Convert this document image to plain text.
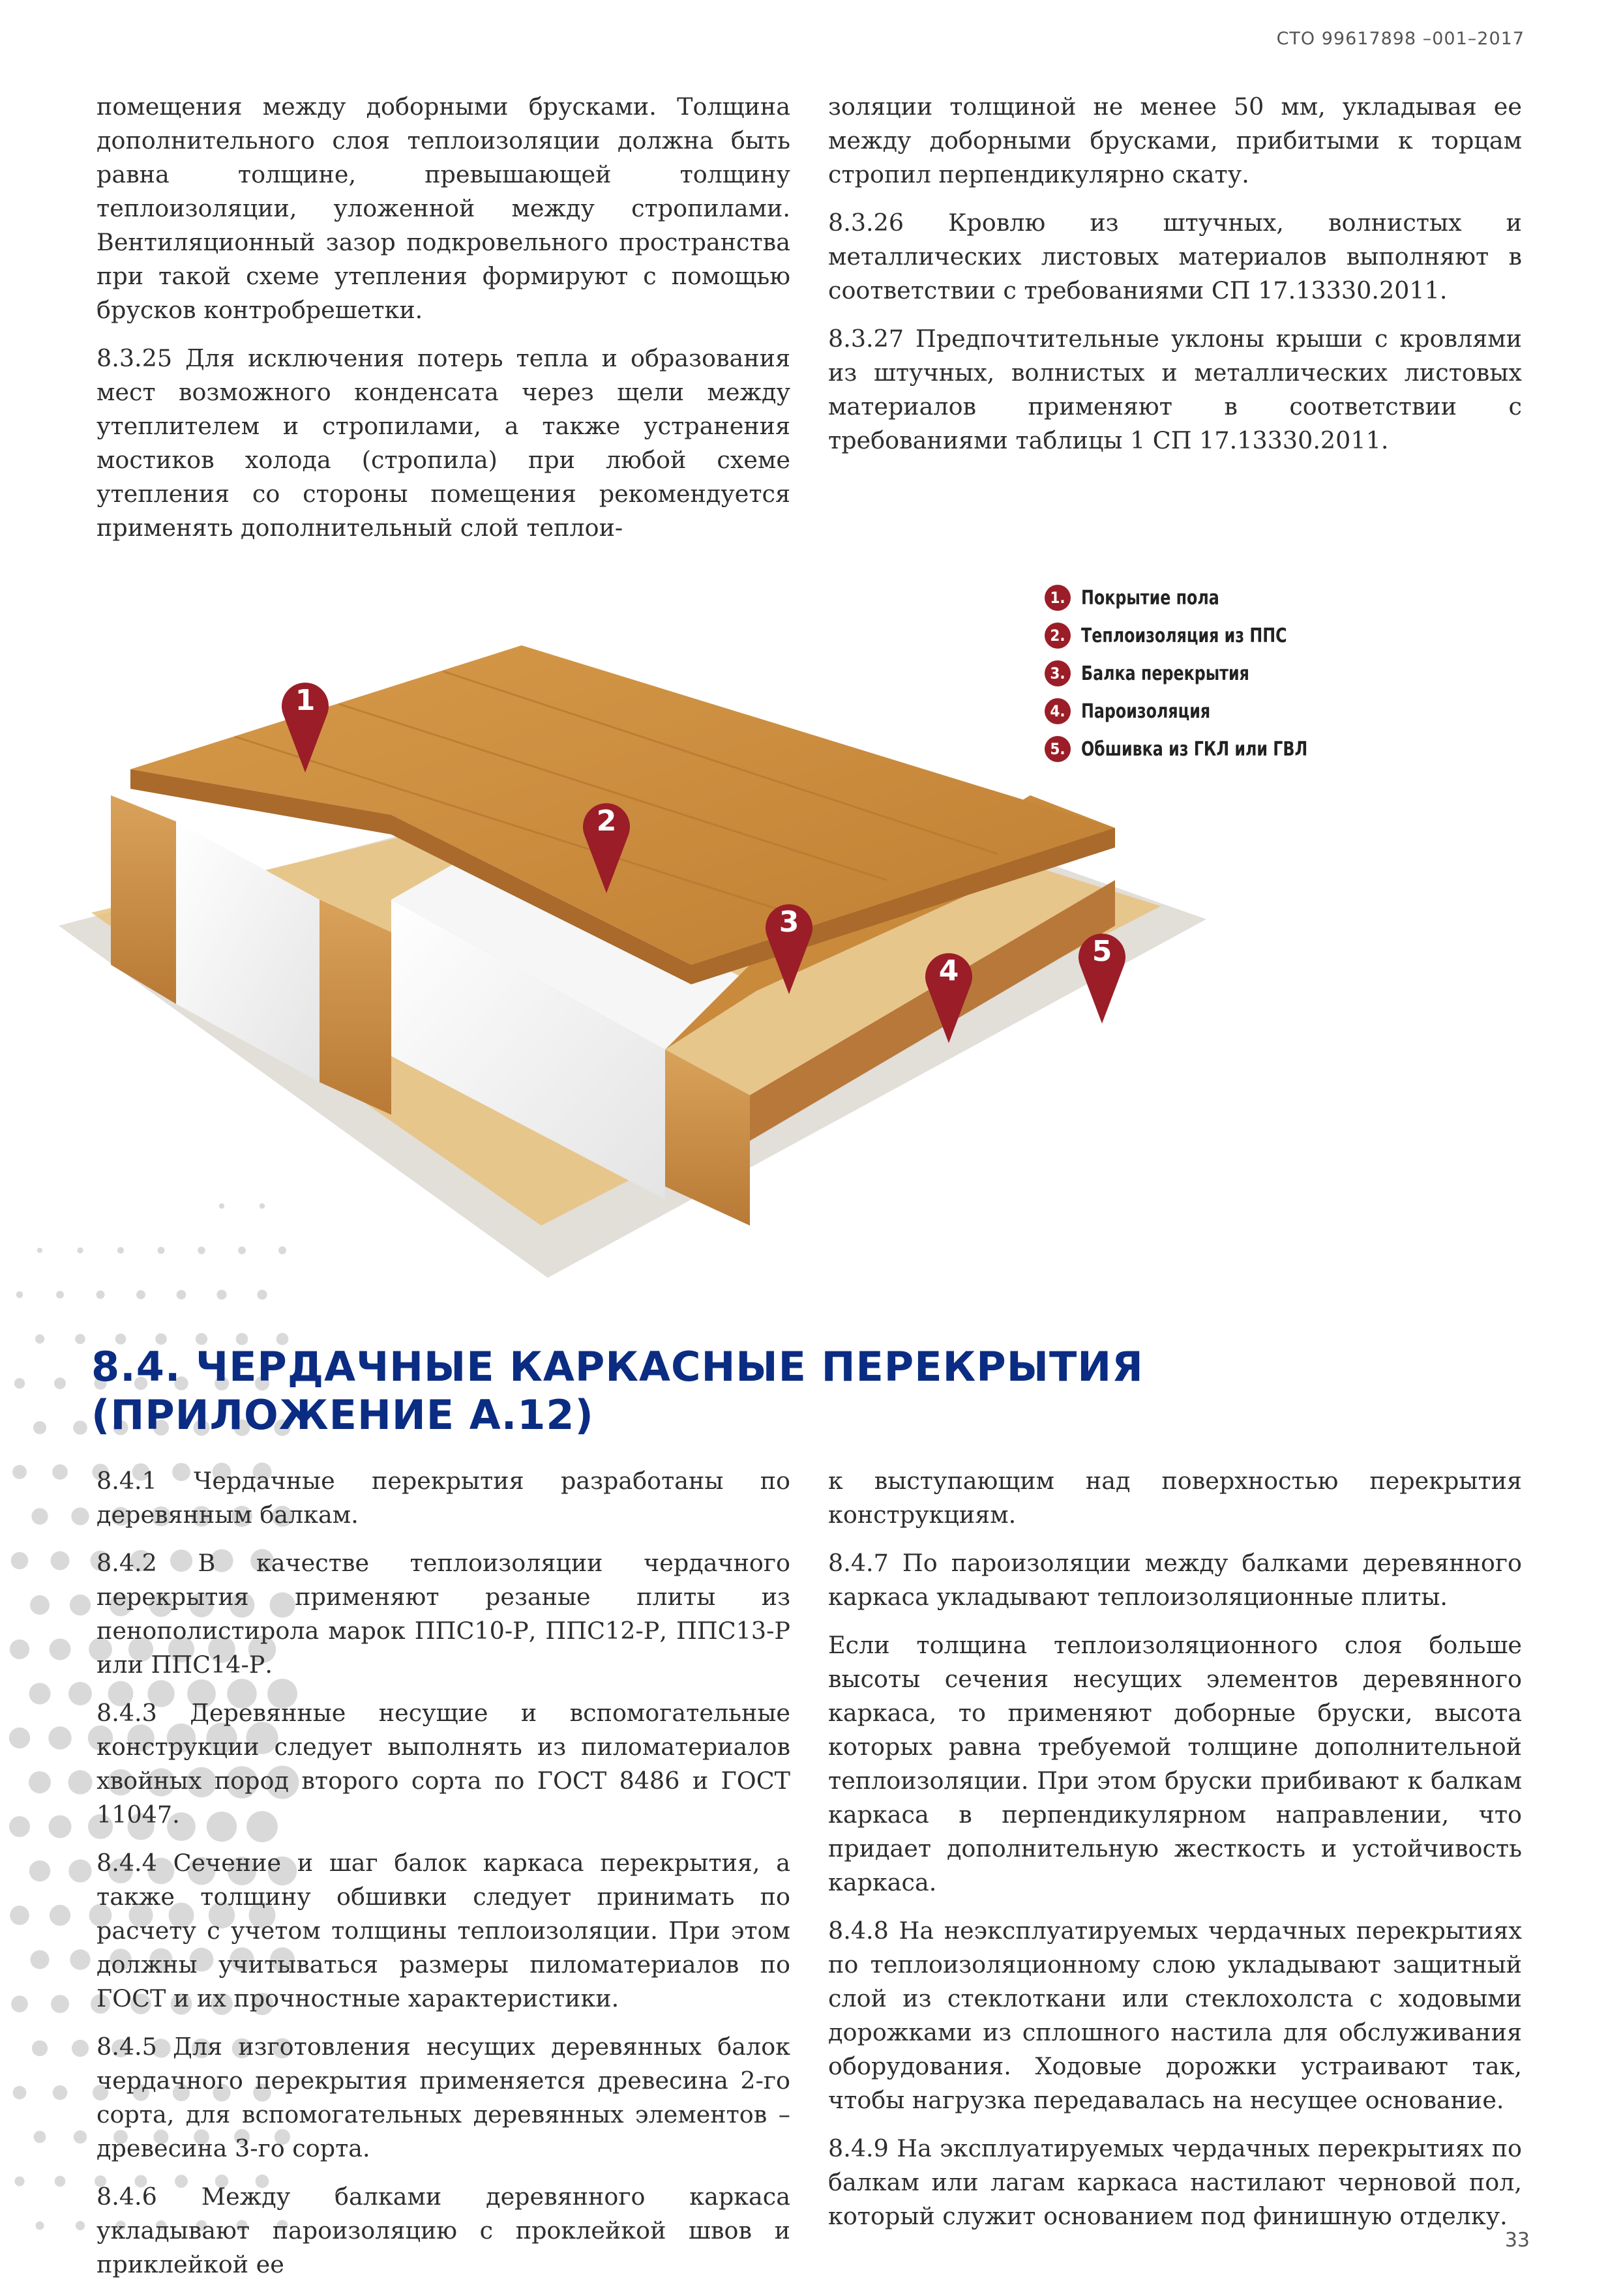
СТО 99617898 –001–2017

помещения между доборными брусками. Толщина дополнительного слоя теплоизоляции должна быть равна толщине, превышающей толщину теплоизоляции, уложенной между стропилами. Вентиляционный зазор подкровельного пространства при такой схеме утепления формируют с помощью брусков контробрешетки.

8.3.25 Для исключения потерь тепла и образования мест возможного конденсата через щели между утеплителем и стропилами, а также устранения мостиков холода (стропила) при любой схеме утепления со стороны помещения рекомендуется применять дополнительный слой теплои-

золяции толщиной не менее 50 мм, укладывая ее между доборными брусками, прибитыми к торцам стропил перпендикулярно скату.

8.3.26 Кровлю из штучных, волнистых и металлических листовых материалов выполняют в соответствии с требованиями СП 17.13330.2011.

8.3.27 Предпочтительные уклоны крыши с кровлями из штучных, волнистых и металлических листовых материалов применяют в соответствии с требованиями таблицы 1 СП 17.13330.2011.

1
2
3
4
5
1. Покрытие пола
2. Теплоизоляция из ППС
3. Балка перекрытия
4. Пароизоляция
5. Обшивка из ГКЛ или ГВЛ
8.4. ЧЕРДАЧНЫЕ КАРКАСНЫЕ ПЕРЕКРЫТИЯ
(ПРИЛОЖЕНИЕ А.12)

8.4.1 Чердачные перекрытия разработаны по деревянным балкам.

8.4.2 В качестве теплоизоляции чердачного перекрытия применяют резаные плиты из пенополистирола марок ППС10-Р, ППС12-Р, ППС13-Р или ППС14-Р.

8.4.3 Деревянные несущие и вспомогательные конструкции следует выполнять из пиломатериалов хвойных пород второго сорта по ГОСТ 8486 и ГОСТ 11047.

8.4.4 Сечение и шаг балок каркаса перекрытия, а также толщину обшивки следует принимать по расчету с учетом толщины теплоизоляции. При этом должны учитываться размеры пиломатериалов по ГОСТ и их прочностные характеристики.

8.4.5 Для изготовления несущих деревянных балок чердачного перекрытия применяется древесина 2-го сорта, для вспомогательных деревянных элементов – древесина 3-го сорта.

8.4.6 Между балками деревянного каркаса укладывают пароизоляцию с проклейкой швов и приклейкой ее

к выступающим над поверхностью перекрытия конструкциям.

8.4.7 По пароизоляции между балками деревянного каркаса укладывают теплоизоляционные плиты.

Если толщина теплоизоляционного слоя больше высоты сечения несущих элементов деревянного каркаса, то применяют доборные бруски, высота которых равна требуемой толщине дополнительной теплоизоляции. При этом бруски прибивают к балкам каркаса в перпендикулярном направлении, что придает дополнительную жесткость и устойчивость каркаса.

8.4.8 На неэксплуатируемых чердачных перекрытиях по теплоизоляционному слою укладывают защитный слой из стеклоткани или стеклохолста с ходовыми дорожками из сплошного настила для обслуживания оборудования. Ходовые дорожки устраивают так, чтобы нагрузка передавалась на несущее основание.

8.4.9 На эксплуатируемых чердачных перекрытиях по балкам или лагам каркаса настилают черновой пол, который служит основанием под финишную отделку.

33
